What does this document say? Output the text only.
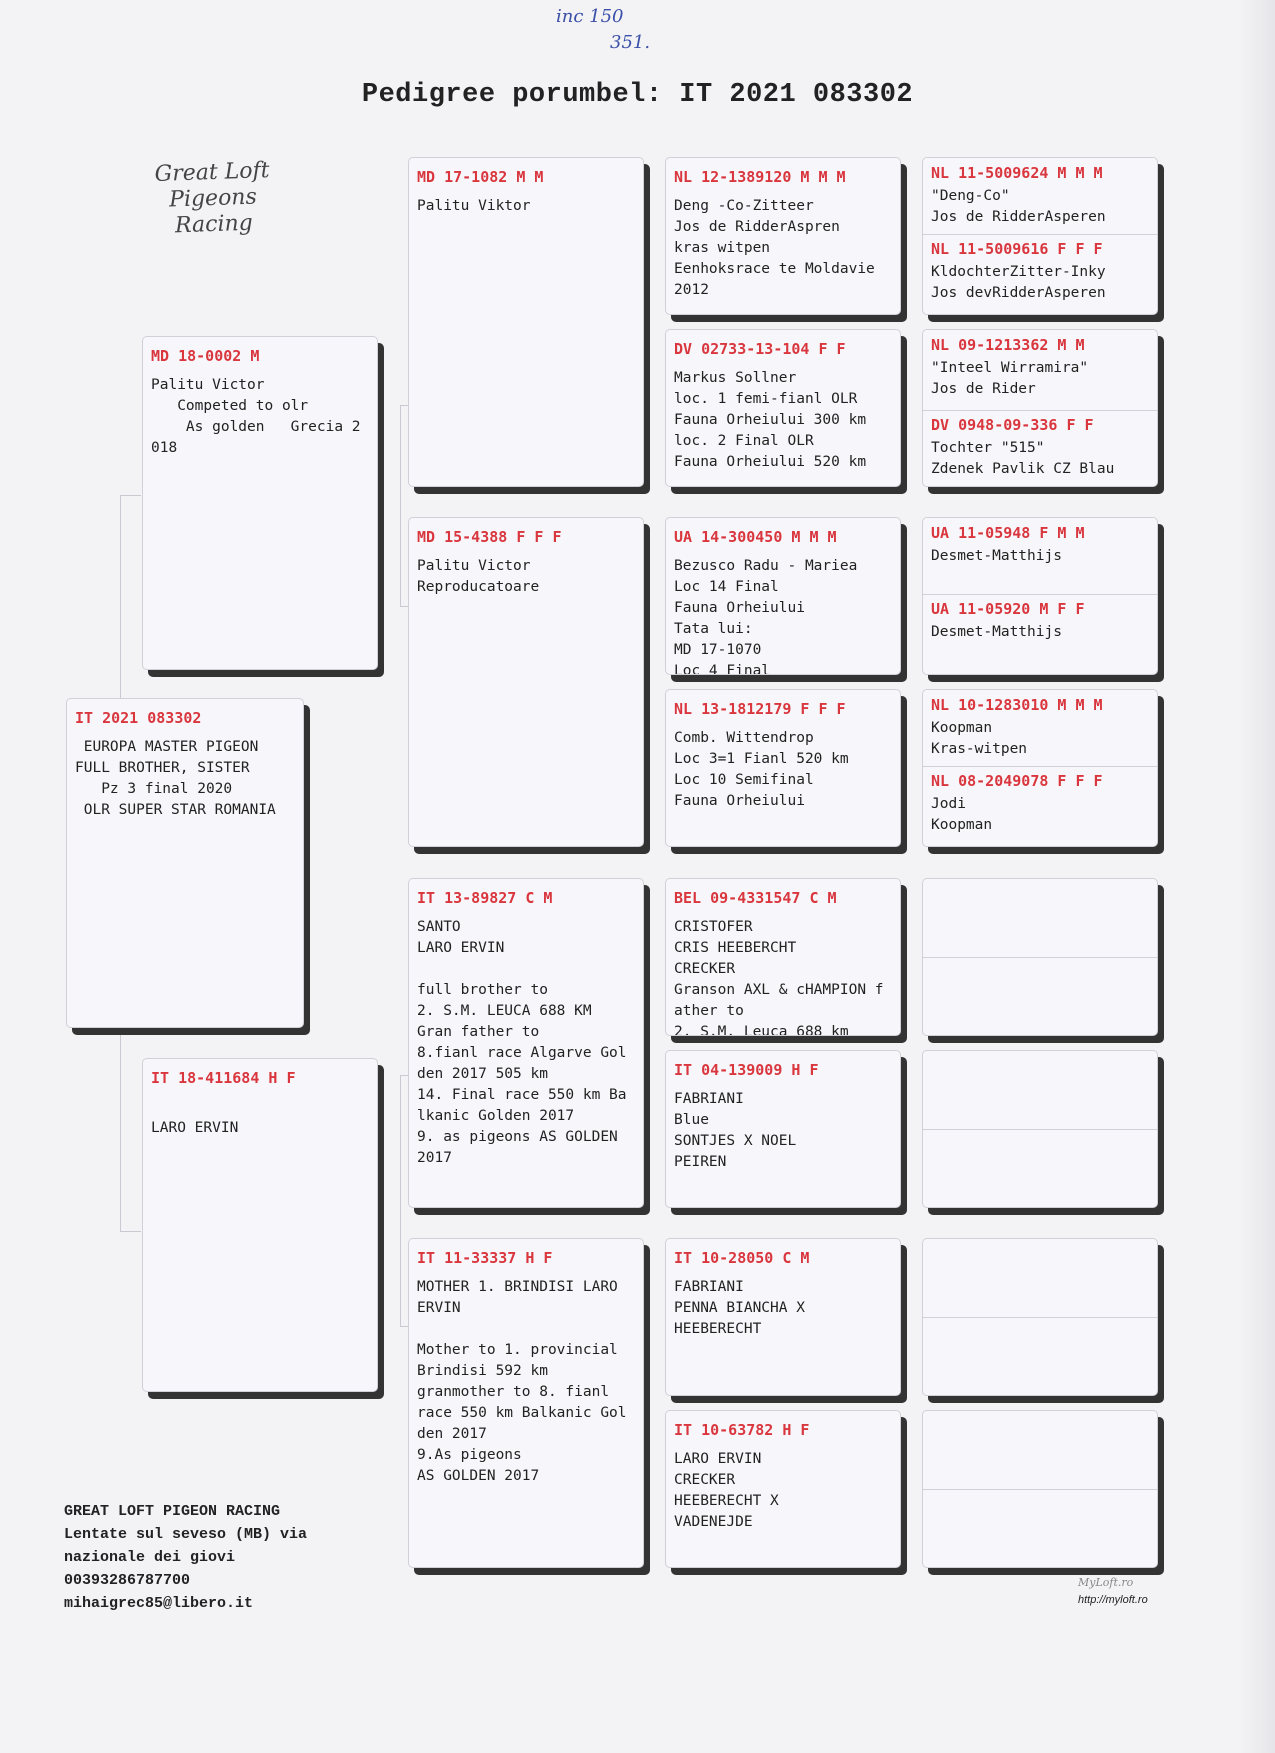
inc 150
351.
Pedigree porumbel: IT 2021 083302
Great Loft Pigeons
Racing
IT 2021 083302
EUROPA MASTER PIGEON
FULL BROTHER, SISTER
Pz 3 final 2020
OLR SUPER STAR ROMANIA
MD 18-0002 M
Palitu Victor
Competed to olr
As golden   Grecia 2
018
IT 18-411684 H F

LARO ERVIN
MD 17-1082 M M
Palitu Viktor
MD 15-4388 F F F
Palitu Victor
Reproducatoare
IT 13-89827 C M
SANTO
LARO ERVIN

full brother to
2. S.M. LEUCA 688 KM
Gran father to
8.fianl race Algarve Gol
den 2017 505 km
14. Final race 550 km Ba
lkanic Golden 2017
9. as pigeons AS GOLDEN
2017
IT 11-33337 H F
MOTHER 1. BRINDISI LARO
ERVIN

Mother to 1. provincial
Brindisi 592 km
granmother to 8. fianl
race 550 km Balkanic Gol
den 2017
9.As pigeons
AS GOLDEN 2017
NL 12-1389120 M M M
Deng -Co-Zitteer
Jos de RidderAspren
kras witpen
Eenhoksrace te Moldavie
2012
DV 02733-13-104 F F
Markus Sollner
loc. 1 femi-fianl OLR
Fauna Orheiului 300 km
loc. 2 Final OLR
Fauna Orheiului 520 km
UA 14-300450 M M M
Bezusco Radu - Mariea
Loc 14 Final
Fauna Orheiului
Tata lui:
MD 17-1070
Loc 4 Final
NL 13-1812179 F F F
Comb. Wittendrop
Loc 3=1 Fianl 520 km
Loc 10 Semifinal
Fauna Orheiului
BEL 09-4331547 C M
CRISTOFER
CRIS HEEBERCHT
CRECKER
Granson AXL & cHAMPION f
ather to
2. S.M. Leuca 688 km
IT 04-139009 H F
FABRIANI
Blue
SONTJES X NOEL
PEIREN
IT 10-28050 C M
FABRIANI
PENNA BIANCHA X
HEEBERECHT
IT 10-63782 H F
LARO ERVIN
CRECKER
HEEBERECHT X
VADENEJDE
NL 11-5009624 M M M
"Deng-Co"
Jos de RidderAsperen
NL 11-5009616 F F F
KldochterZitter-Inky
Jos devRidderAsperen
NL 09-1213362 M M
"Inteel Wirramira"
Jos de Rider
DV 0948-09-336 F F
Tochter "515"
Zdenek Pavlik CZ Blau
UA 11-05948 F M M
Desmet-Matthijs
UA 11-05920 M F F
Desmet-Matthijs
NL 10-1283010 M M M
Koopman
Kras-witpen
NL 08-2049078 F F F
Jodi
Koopman
GREAT LOFT PIGEON RACING
Lentate sul seveso (MB) via
nazionale dei giovi
00393286787700
mihaigrec85@libero.it
MyLoft.ro
http://myloft.ro
